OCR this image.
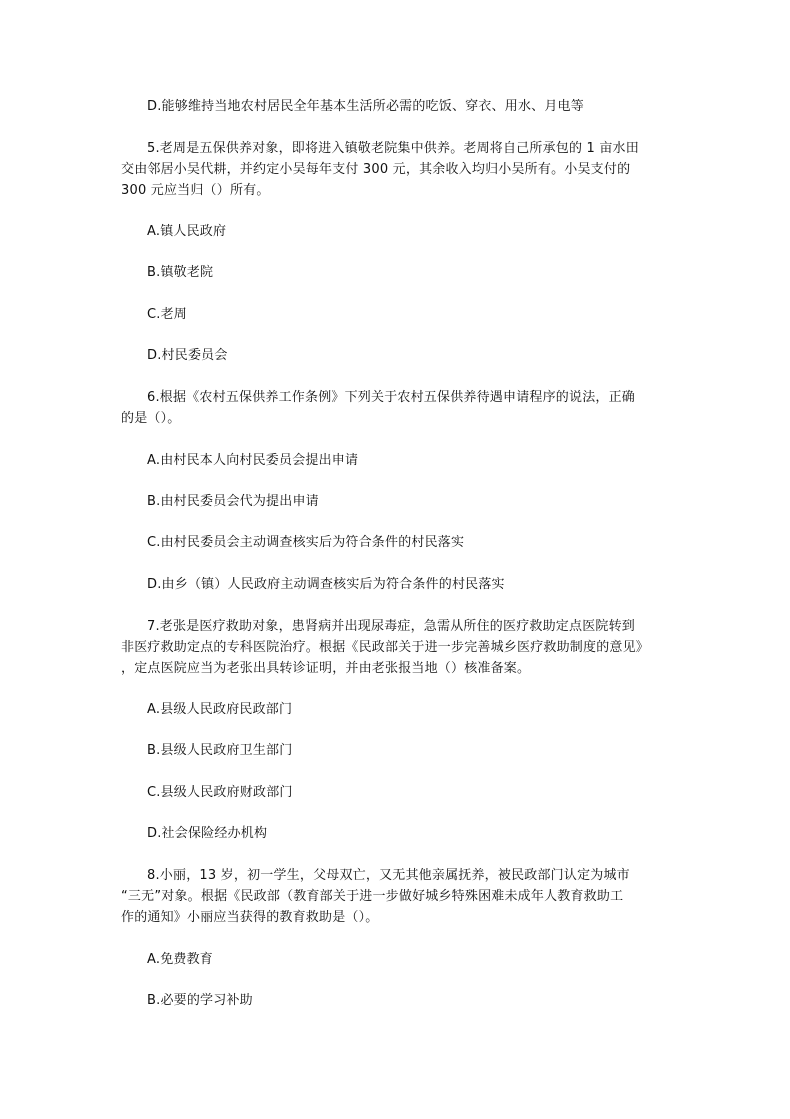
D.能够维持当地农村居民全年基本生活所必需的吃饭、穿衣、用水、月电等
5.老周是五保供养对象，即将进入镇敬老院集中供养。老周将自己所承包的 1 亩水田
交由邻居小吴代耕，并约定小吴每年支付 300 元，其余收入均归小吴所有。小吴支付的
300 元应当归（）所有。
A.镇人民政府
B.镇敬老院
C.老周
D.村民委员会
6.根据《农村五保供养工作条例》下列关于农村五保供养待遇申请程序的说法，正确
的是（）。
A.由村民本人向村民委员会提出申请
B.由村民委员会代为提出申请
C.由村民委员会主动调查核实后为符合条件的村民落实
D.由乡（镇）人民政府主动调查核实后为符合条件的村民落实
7.老张是医疗救助对象，患肾病并出现尿毒症，急需从所住的医疗救助定点医院转到
非医疗救助定点的专科医院治疗。根据《民政部关于进一步完善城乡医疗救助制度的意见》
，定点医院应当为老张出具转诊证明，并由老张报当地（）核准备案。
A.县级人民政府民政部门
B.县级人民政府卫生部门
C.县级人民政府财政部门
D.社会保险经办机构
8.小丽，13 岁，初一学生，父母双亡，又无其他亲属抚养，被民政部门认定为城市
“三无”对象。根据《民政部（教育部关于进一步做好城乡特殊困难未成年人教育救助工
作的通知》小丽应当获得的教育救助是（）。
A.免费教育
B.必要的学习补助
